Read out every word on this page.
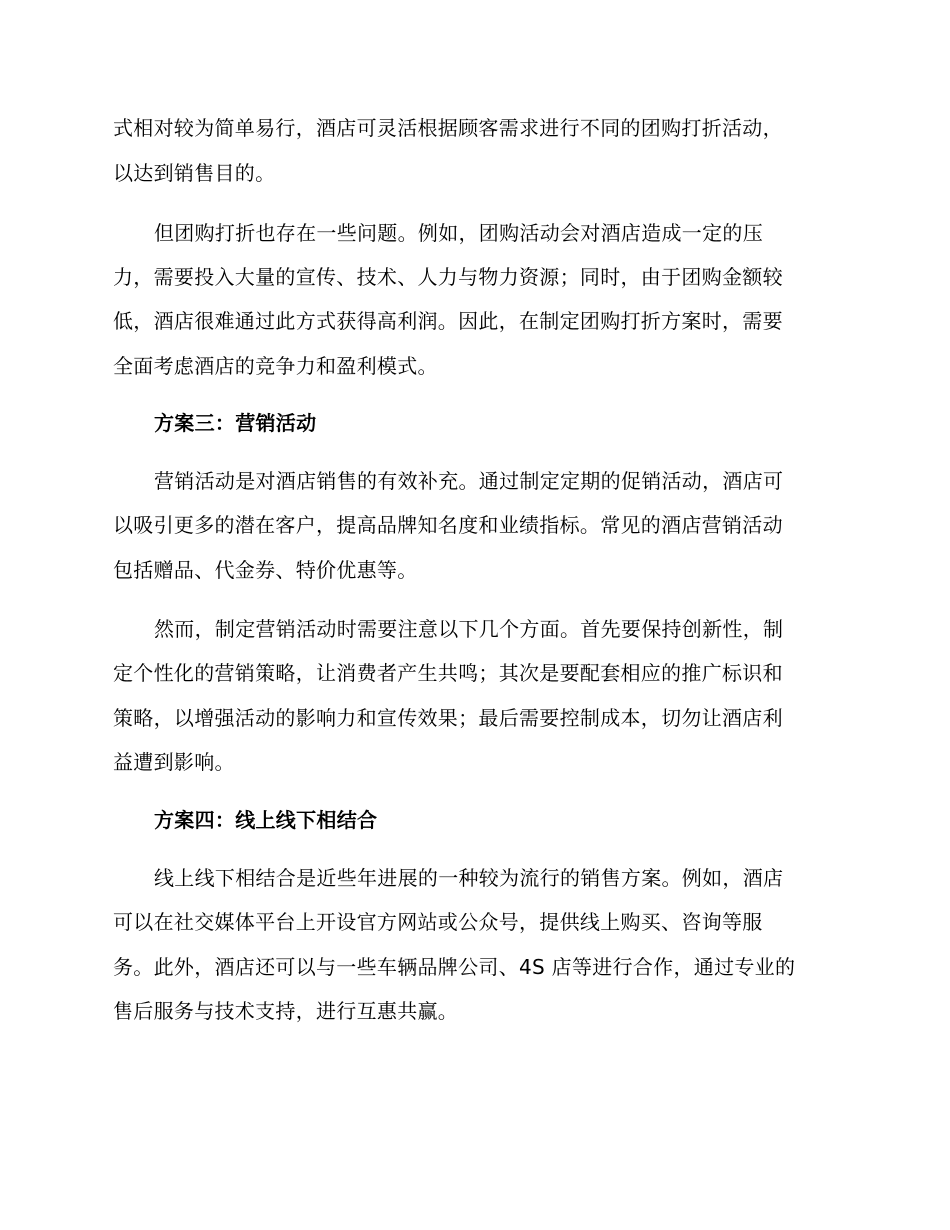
式相对较为简单易行，酒店可灵活根据顾客需求进行不同的团购打折活动，

以达到销售目的。

但团购打折也存在一些问题。例如，团购活动会对酒店造成一定的压

力，需要投入大量的宣传、技术、人力与物力资源；同时，由于团购金额较

低，酒店很难通过此方式获得高利润。因此，在制定团购打折方案时，需要

全面考虑酒店的竞争力和盈利模式。

方案三：营销活动

营销活动是对酒店销售的有效补充。通过制定定期的促销活动，酒店可

以吸引更多的潜在客户，提高品牌知名度和业绩指标。常见的酒店营销活动

包括赠品、代金券、特价优惠等。

然而，制定营销活动时需要注意以下几个方面。首先要保持创新性，制

定个性化的营销策略，让消费者产生共鸣；其次是要配套相应的推广标识和

策略，以增强活动的影响力和宣传效果；最后需要控制成本，切勿让酒店利

益遭到影响。

方案四：线上线下相结合

线上线下相结合是近些年进展的一种较为流行的销售方案。例如，酒店

可以在社交媒体平台上开设官方网站或公众号，提供线上购买、咨询等服

务。此外，酒店还可以与一些车辆品牌公司、4S 店等进行合作，通过专业的

售后服务与技术支持，进行互惠共赢。
